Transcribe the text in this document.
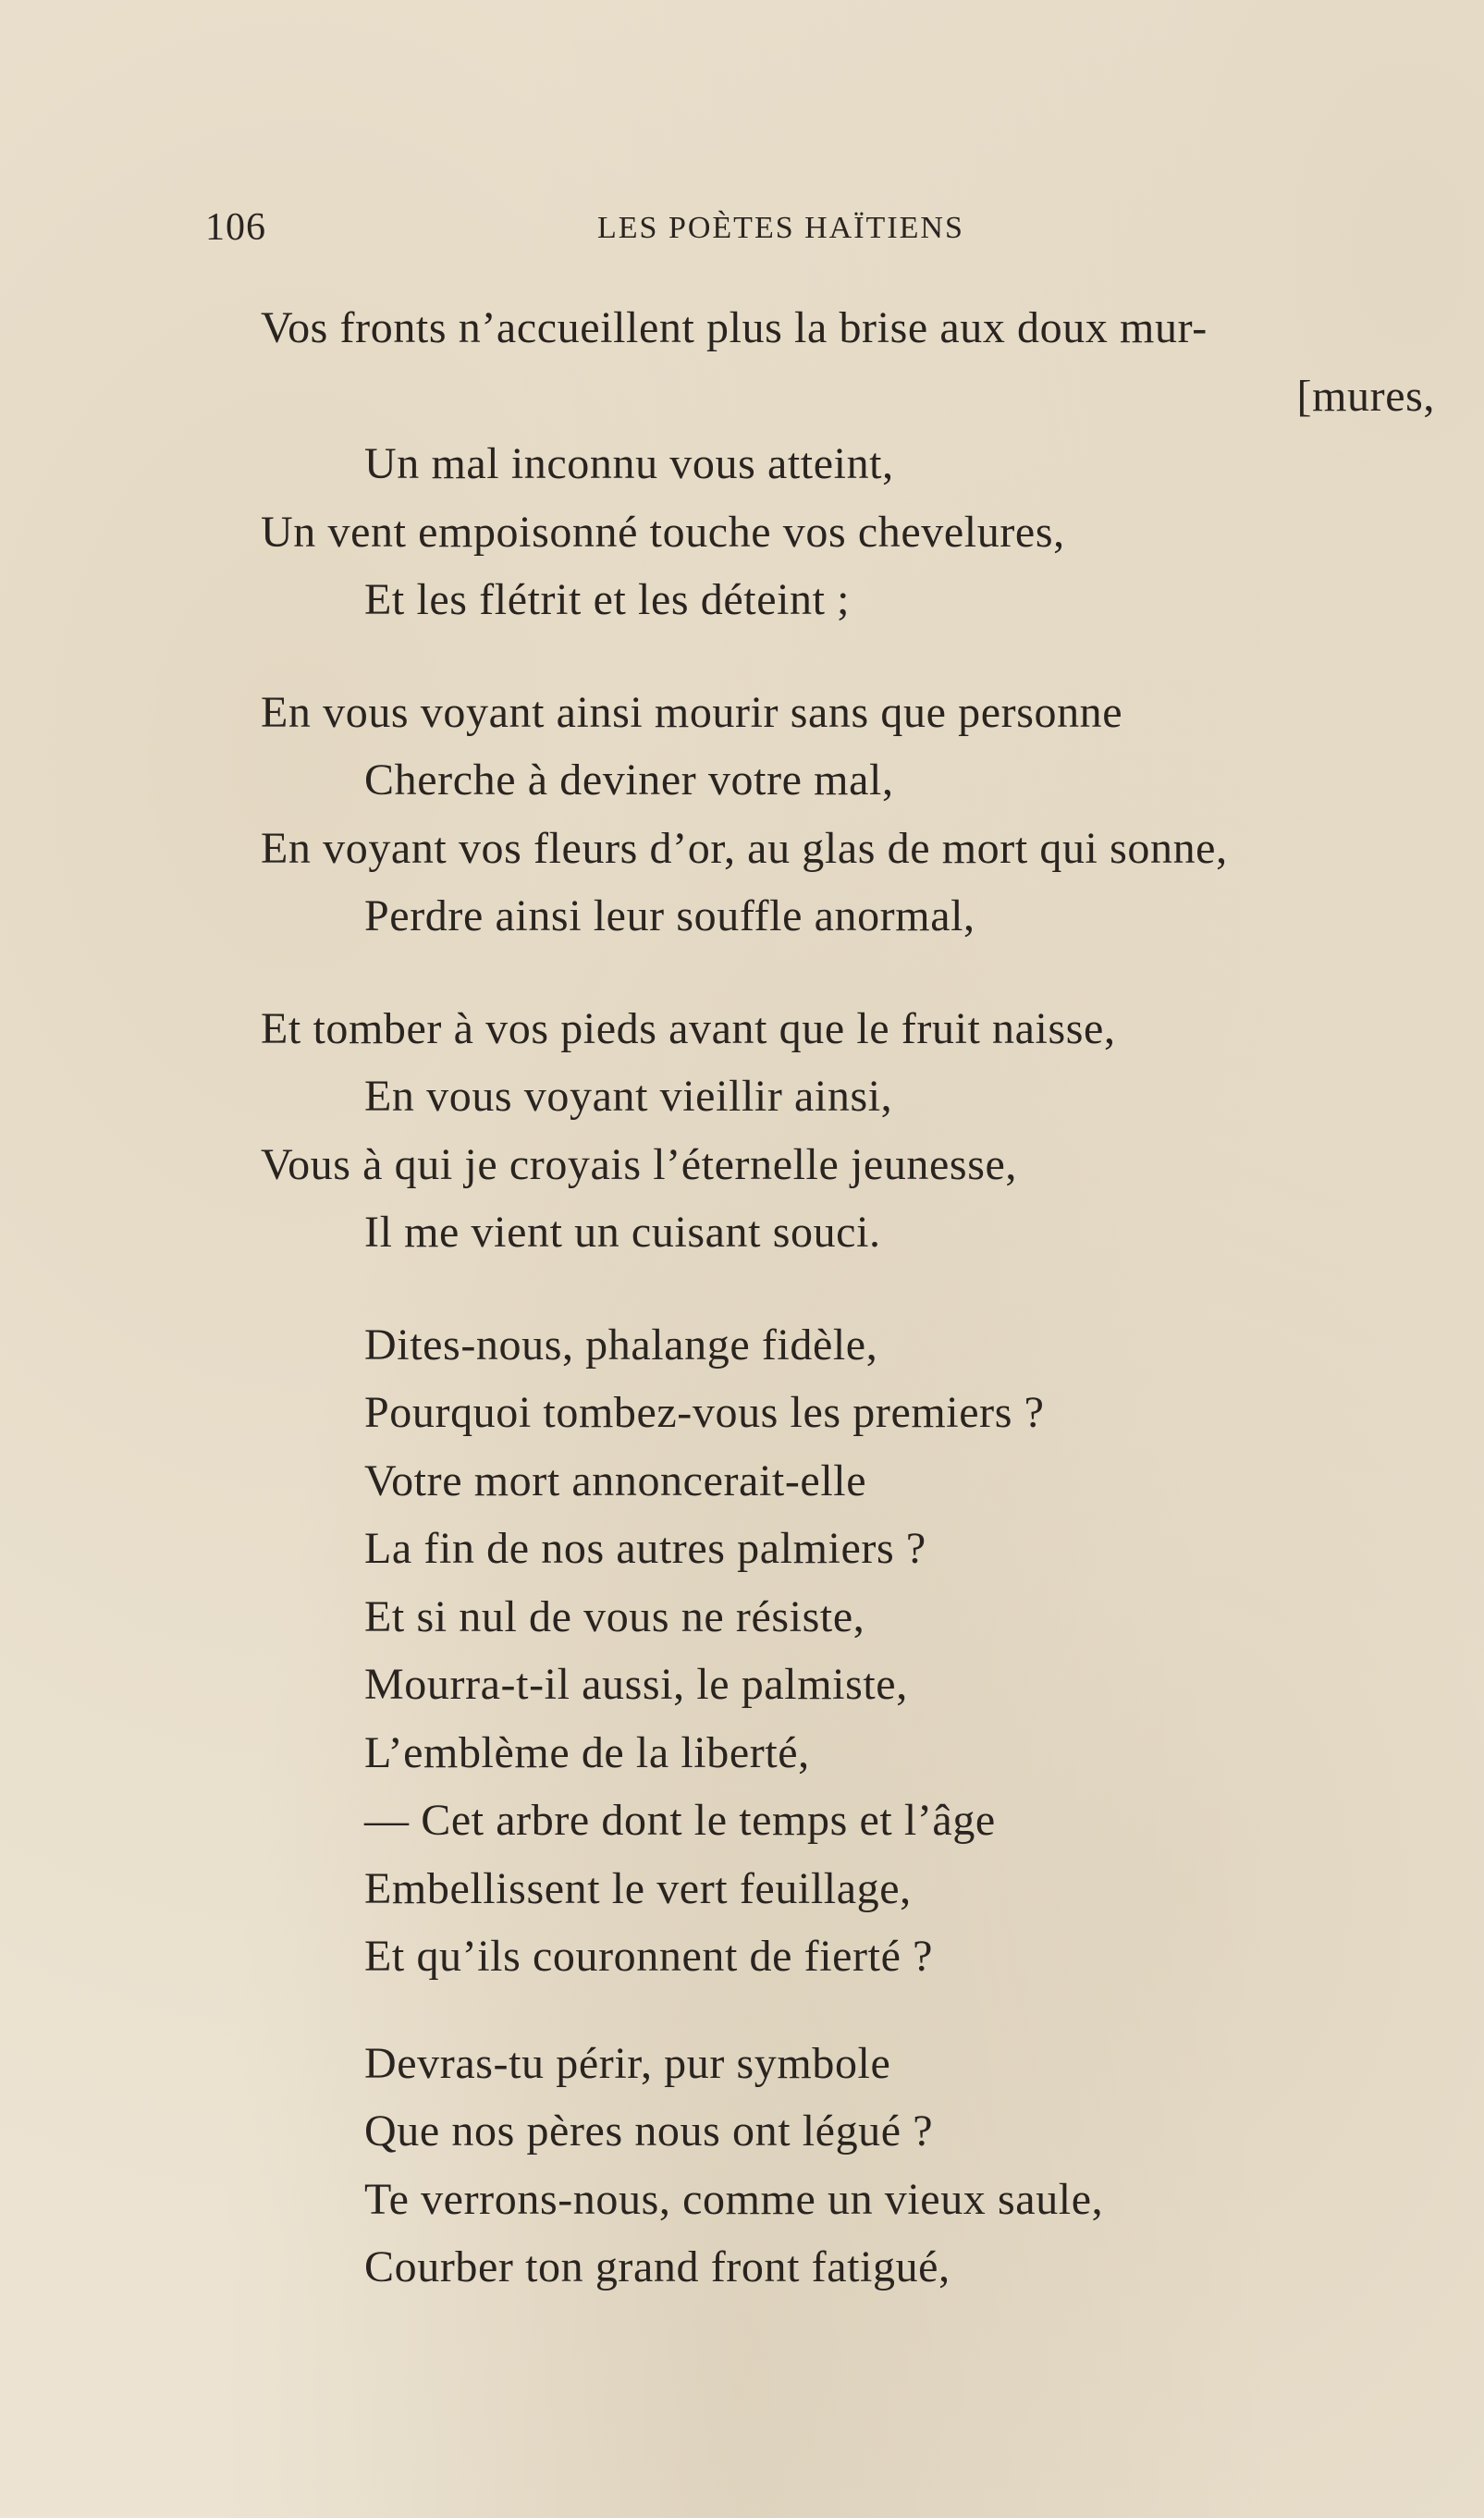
106	LES POÈTES HAÏTIENS
Vos fronts n’accueillent plus la brise aux doux mur-
[mures,
Un mal inconnu vous atteint,
Un vent empoisonné touche vos chevelures,
Et les flétrit et les déteint ;
En vous voyant ainsi mourir sans que personne
Cherche à deviner votre mal,
En voyant vos fleurs d’or, au glas de mort qui sonne,
Perdre ainsi leur souffle anormal,
Et tomber à vos pieds avant que le fruit naisse,
En vous voyant vieillir ainsi,
Vous à qui je croyais l’éternelle jeunesse,
Il me vient un cuisant souci.
Dites-nous, phalange fidèle,
Pourquoi tombez-vous les premiers ?
Votre mort annoncerait-elle
La fin de nos autres palmiers ?
Et si nul de vous ne résiste,
Mourra-t-il aussi, le palmiste,
L’emblème de la liberté,
— Cet arbre dont le temps et l’âge
Embellissent le vert feuillage,
Et qu’ils couronnent de fierté ?
Devras-tu périr, pur symbole
Que nos pères nous ont légué ?
Te verrons-nous, comme un vieux saule,
Courber ton grand front fatigué,
